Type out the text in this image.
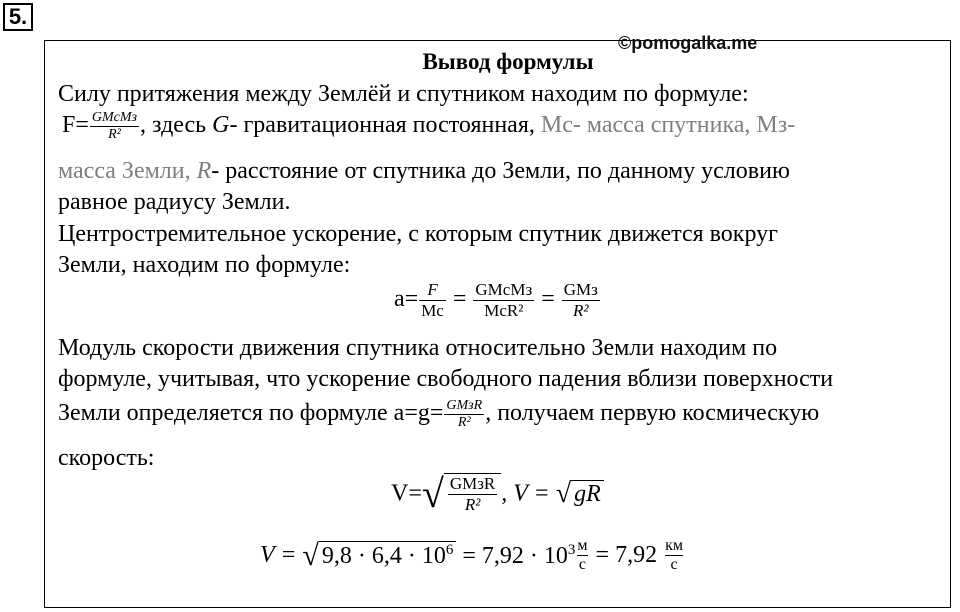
5.
©pomogalka.me
Вывод формулы
Силу притяжения между Землёй и спутником находим по формуле:
$F= \frac{\text{GMсMз}}{\text{R²}}$ , здесь G- гравитационная постоянная, Mс- масса спутника, Mз-
масса Земли, R- расстояние от спутника до Земли, по данному условию
равное радиусу Земли.
Центростремительное ускорение, с которым спутник движется вокруг
Земли, находим по формуле:
$a= \frac{F}{Mс} = \frac{\text{GMсMз}}{\text{MсR²}} = \frac{\text{GMз}}{\text{R²}}$
Модуль скорости движения спутника относительно Земли находим по
формуле, учитывая, что ускорение свободного падения вблизи поверхности
Земли определяется по формуле $a=g= \frac{\text{GMзR}}{\text{R²}}$ , получаем первую космическую
скорость:
$V=√ \frac{\text{GMзR}}{\text{R²}}$ , V = √ gR
V = √ $9,8 \cdot 6,4 \cdot 10^6 = 7,92 \cdot 10^3 \frac{м}{с} = 7,92 \frac{км}{с}$
